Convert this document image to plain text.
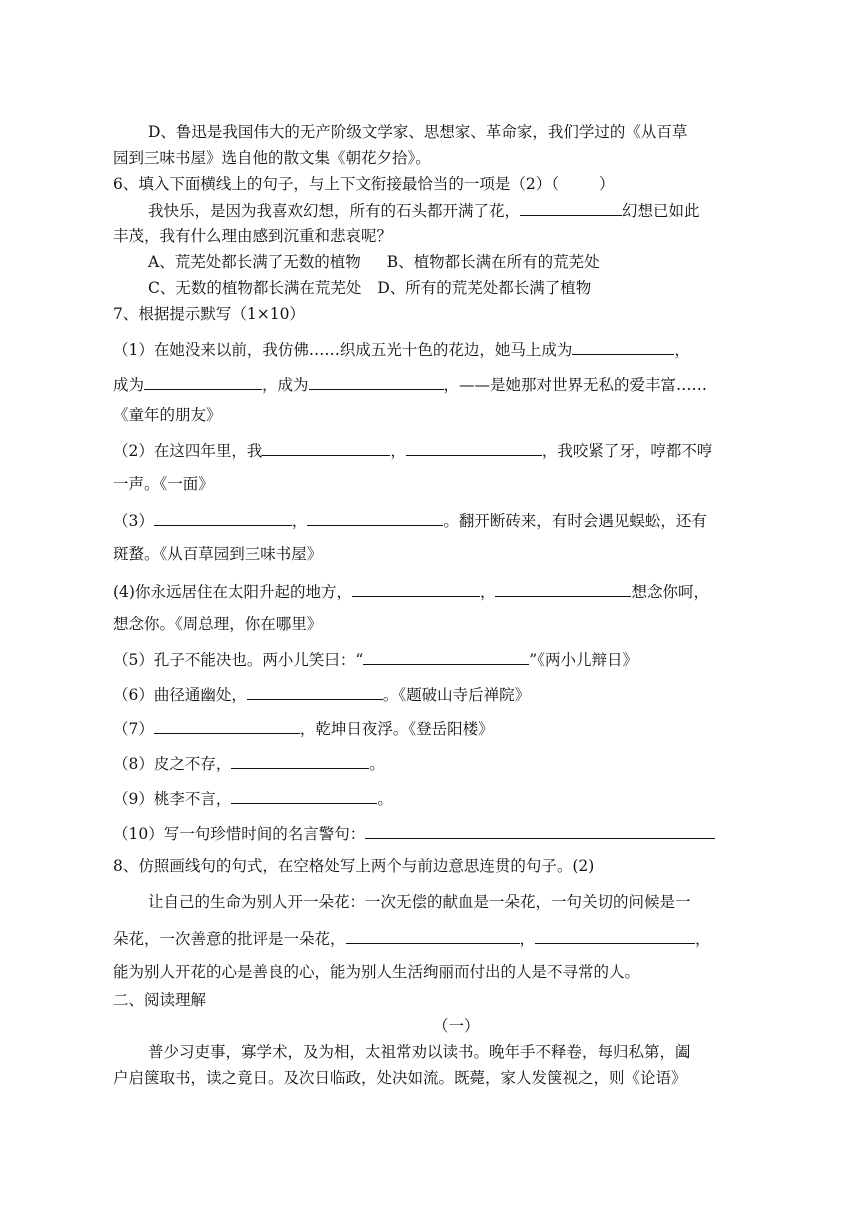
D、鲁迅是我国伟大的无产阶级文学家、思想家、革命家，我们学过的《从百草
园到三味书屋》选自他的散文集《朝花夕拾》。
6、填入下面横线上的句子，与上下文衔接最恰当的一项是（2）（	）
我快乐，是因为我喜欢幻想，所有的石头都开满了花，	幻想已如此
丰茂，我有什么理由感到沉重和悲哀呢？
A、荒芜处都长满了无数的植物 B、植物都长满在所有的荒芜处
C、无数的植物都长满在荒芜处 D、所有的荒芜处都长满了植物
7、根据提示默写（1×10）
（1）在她没来以前，我仿佛……织成五光十色的花边，她马上成为	，
成为	，成为	，——是她那对世界无私的爱丰富……
《童年的朋友》
（2）在这四年里，我	，	，我咬紧了牙，哼都不哼
一声。《一面》
（3）	，	。翻开断砖来，有时会遇见蜈蚣，还有
斑蝥。《从百草园到三味书屋》
(4)你永远居住在太阳升起的地方，	，	想念你呵，
想念你。《周总理，你在哪里》
（5）孔子不能决也。两小儿笑曰：“	”《两小儿辩日》
（6）曲径通幽处，	。《题破山寺后禅院》
（7）	，乾坤日夜浮。《登岳阳楼》
（8）皮之不存，	。
（9）桃李不言，	。
（10）写一句珍惜时间的名言警句：
8、仿照画线句的句式，在空格处写上两个与前边意思连贯的句子。(2)
让自己的生命为别人开一朵花：一次无偿的献血是一朵花，一句关切的问候是一
朵花，一次善意的批评是一朵花，	，	，
能为别人开花的心是善良的心，能为别人生活绚丽而付出的人是不寻常的人。
二、阅读理解
（一）
普少习吏事，寡学术，及为相，太祖常劝以读书。晚年手不释卷，每归私第，阖
户启箧取书，读之竟日。及次日临政，处决如流。既薨，家人发箧视之，则《论语》
